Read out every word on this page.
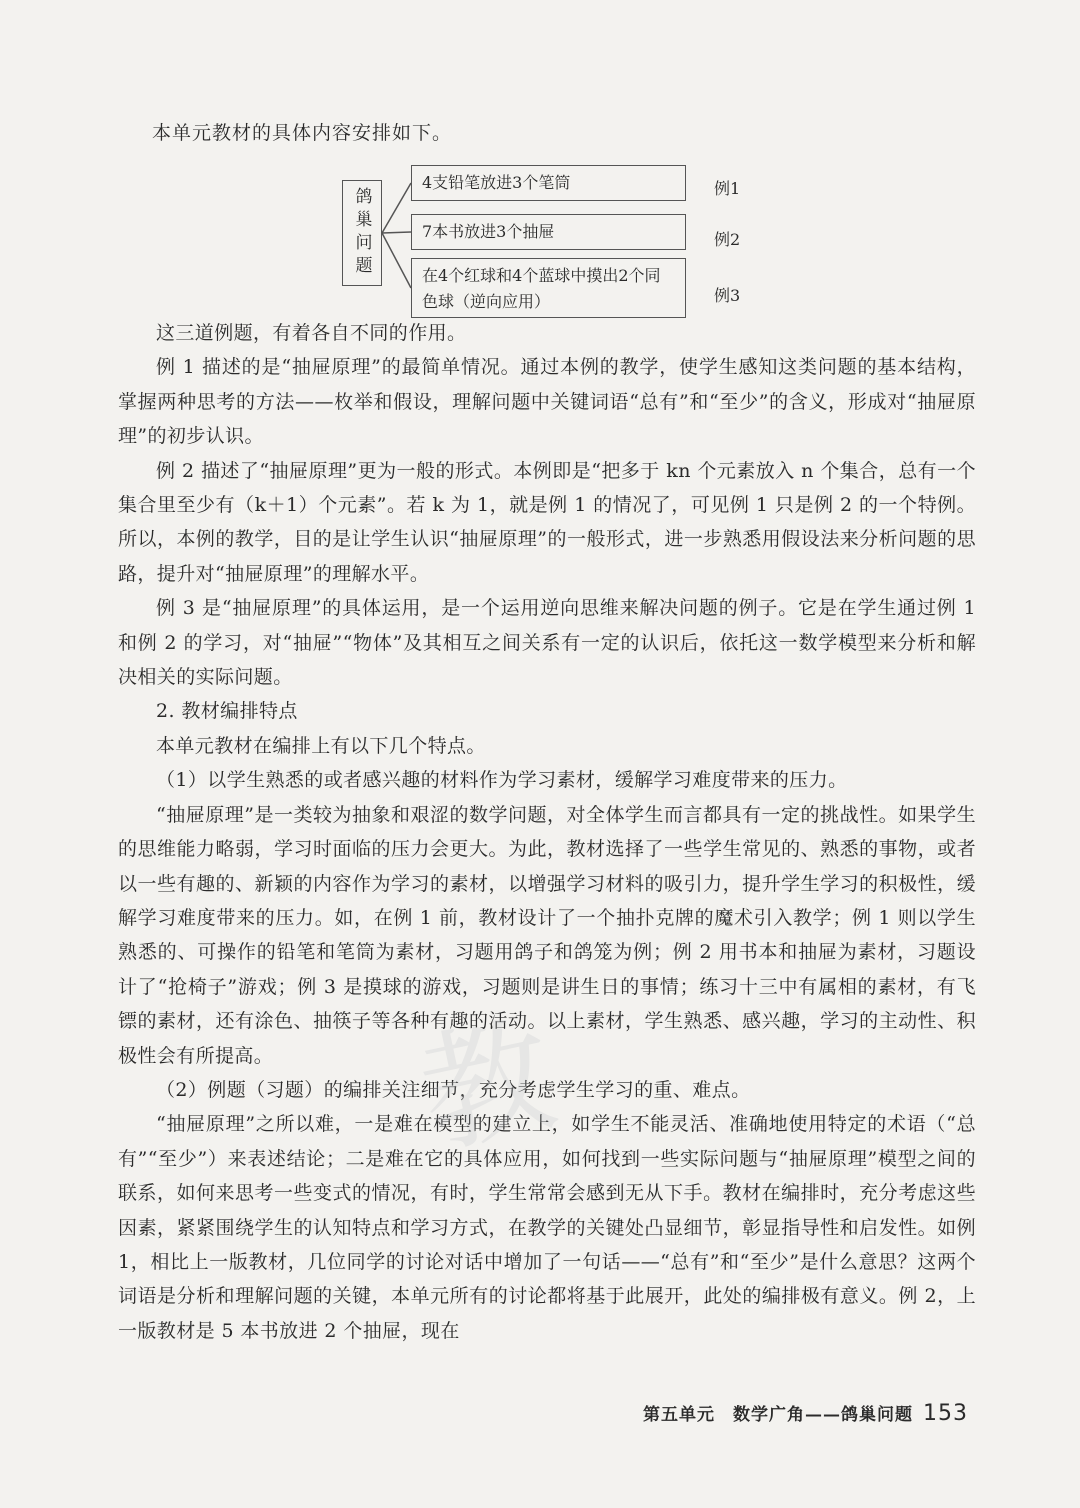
本单元教材的具体内容安排如下。
鸽巢问题
4支铅笔放进3个笔筒
7本书放进3个抽屉
在4个红球和4个蓝球中摸出2个同色球（逆向应用）
例1
例2
例3

这三道例题，有着各自不同的作用。

例 1 描述的是“抽屉原理”的最简单情况。通过本例的教学，使学生感知这类问题的基本结构，掌握两种思考的方法——枚举和假设，理解问题中关键词语“总有”和“至少”的含义，形成对“抽屉原理”的初步认识。

例 2 描述了“抽屉原理”更为一般的形式。本例即是“把多于 kn 个元素放入 n 个集合，总有一个集合里至少有（k＋1）个元素”。若 k 为 1，就是例 1 的情况了，可见例 1 只是例 2 的一个特例。所以，本例的教学，目的是让学生认识“抽屉原理”的一般形式，进一步熟悉用假设法来分析问题的思路，提升对“抽屉原理”的理解水平。

例 3 是“抽屉原理”的具体运用，是一个运用逆向思维来解决问题的例子。它是在学生通过例 1 和例 2 的学习，对“抽屉”“物体”及其相互之间关系有一定的认识后，依托这一数学模型来分析和解决相关的实际问题。

2. 教材编排特点

本单元教材在编排上有以下几个特点。

（1）以学生熟悉的或者感兴趣的材料作为学习素材，缓解学习难度带来的压力。

“抽屉原理”是一类较为抽象和艰涩的数学问题，对全体学生而言都具有一定的挑战性。如果学生的思维能力略弱，学习时面临的压力会更大。为此，教材选择了一些学生常见的、熟悉的事物，或者以一些有趣的、新颖的内容作为学习的素材，以增强学习材料的吸引力，提升学生学习的积极性，缓解学习难度带来的压力。如，在例 1 前，教材设计了一个抽扑克牌的魔术引入教学；例 1 则以学生熟悉的、可操作的铅笔和笔筒为素材，习题用鸽子和鸽笼为例；例 2 用书本和抽屉为素材，习题设计了“抢椅子”游戏；例 3 是摸球的游戏，习题则是讲生日的事情；练习十三中有属相的素材，有飞镖的素材，还有涂色、抽筷子等各种有趣的活动。以上素材，学生熟悉、感兴趣，学习的主动性、积极性会有所提高。

（2）例题（习题）的编排关注细节，充分考虑学生学习的重、难点。

“抽屉原理”之所以难，一是难在模型的建立上，如学生不能灵活、准确地使用特定的术语（“总有”“至少”）来表述结论；二是难在它的具体应用，如何找到一些实际问题与“抽屉原理”模型之间的联系，如何来思考一些变式的情况，有时，学生常常会感到无从下手。教材在编排时，充分考虑这些因素，紧紧围绕学生的认知特点和学习方式，在教学的关键处凸显细节，彰显指导性和启发性。如例 1，相比上一版教材，几位同学的讨论对话中增加了一句话——“总有”和“至少”是什么意思？这两个词语是分析和理解问题的关键，本单元所有的讨论都将基于此展开，此处的编排极有意义。例 2，上一版教材是 5 本书放进 2 个抽屉，现在

教
第五单元　数学广角——鸽巢问题 153
